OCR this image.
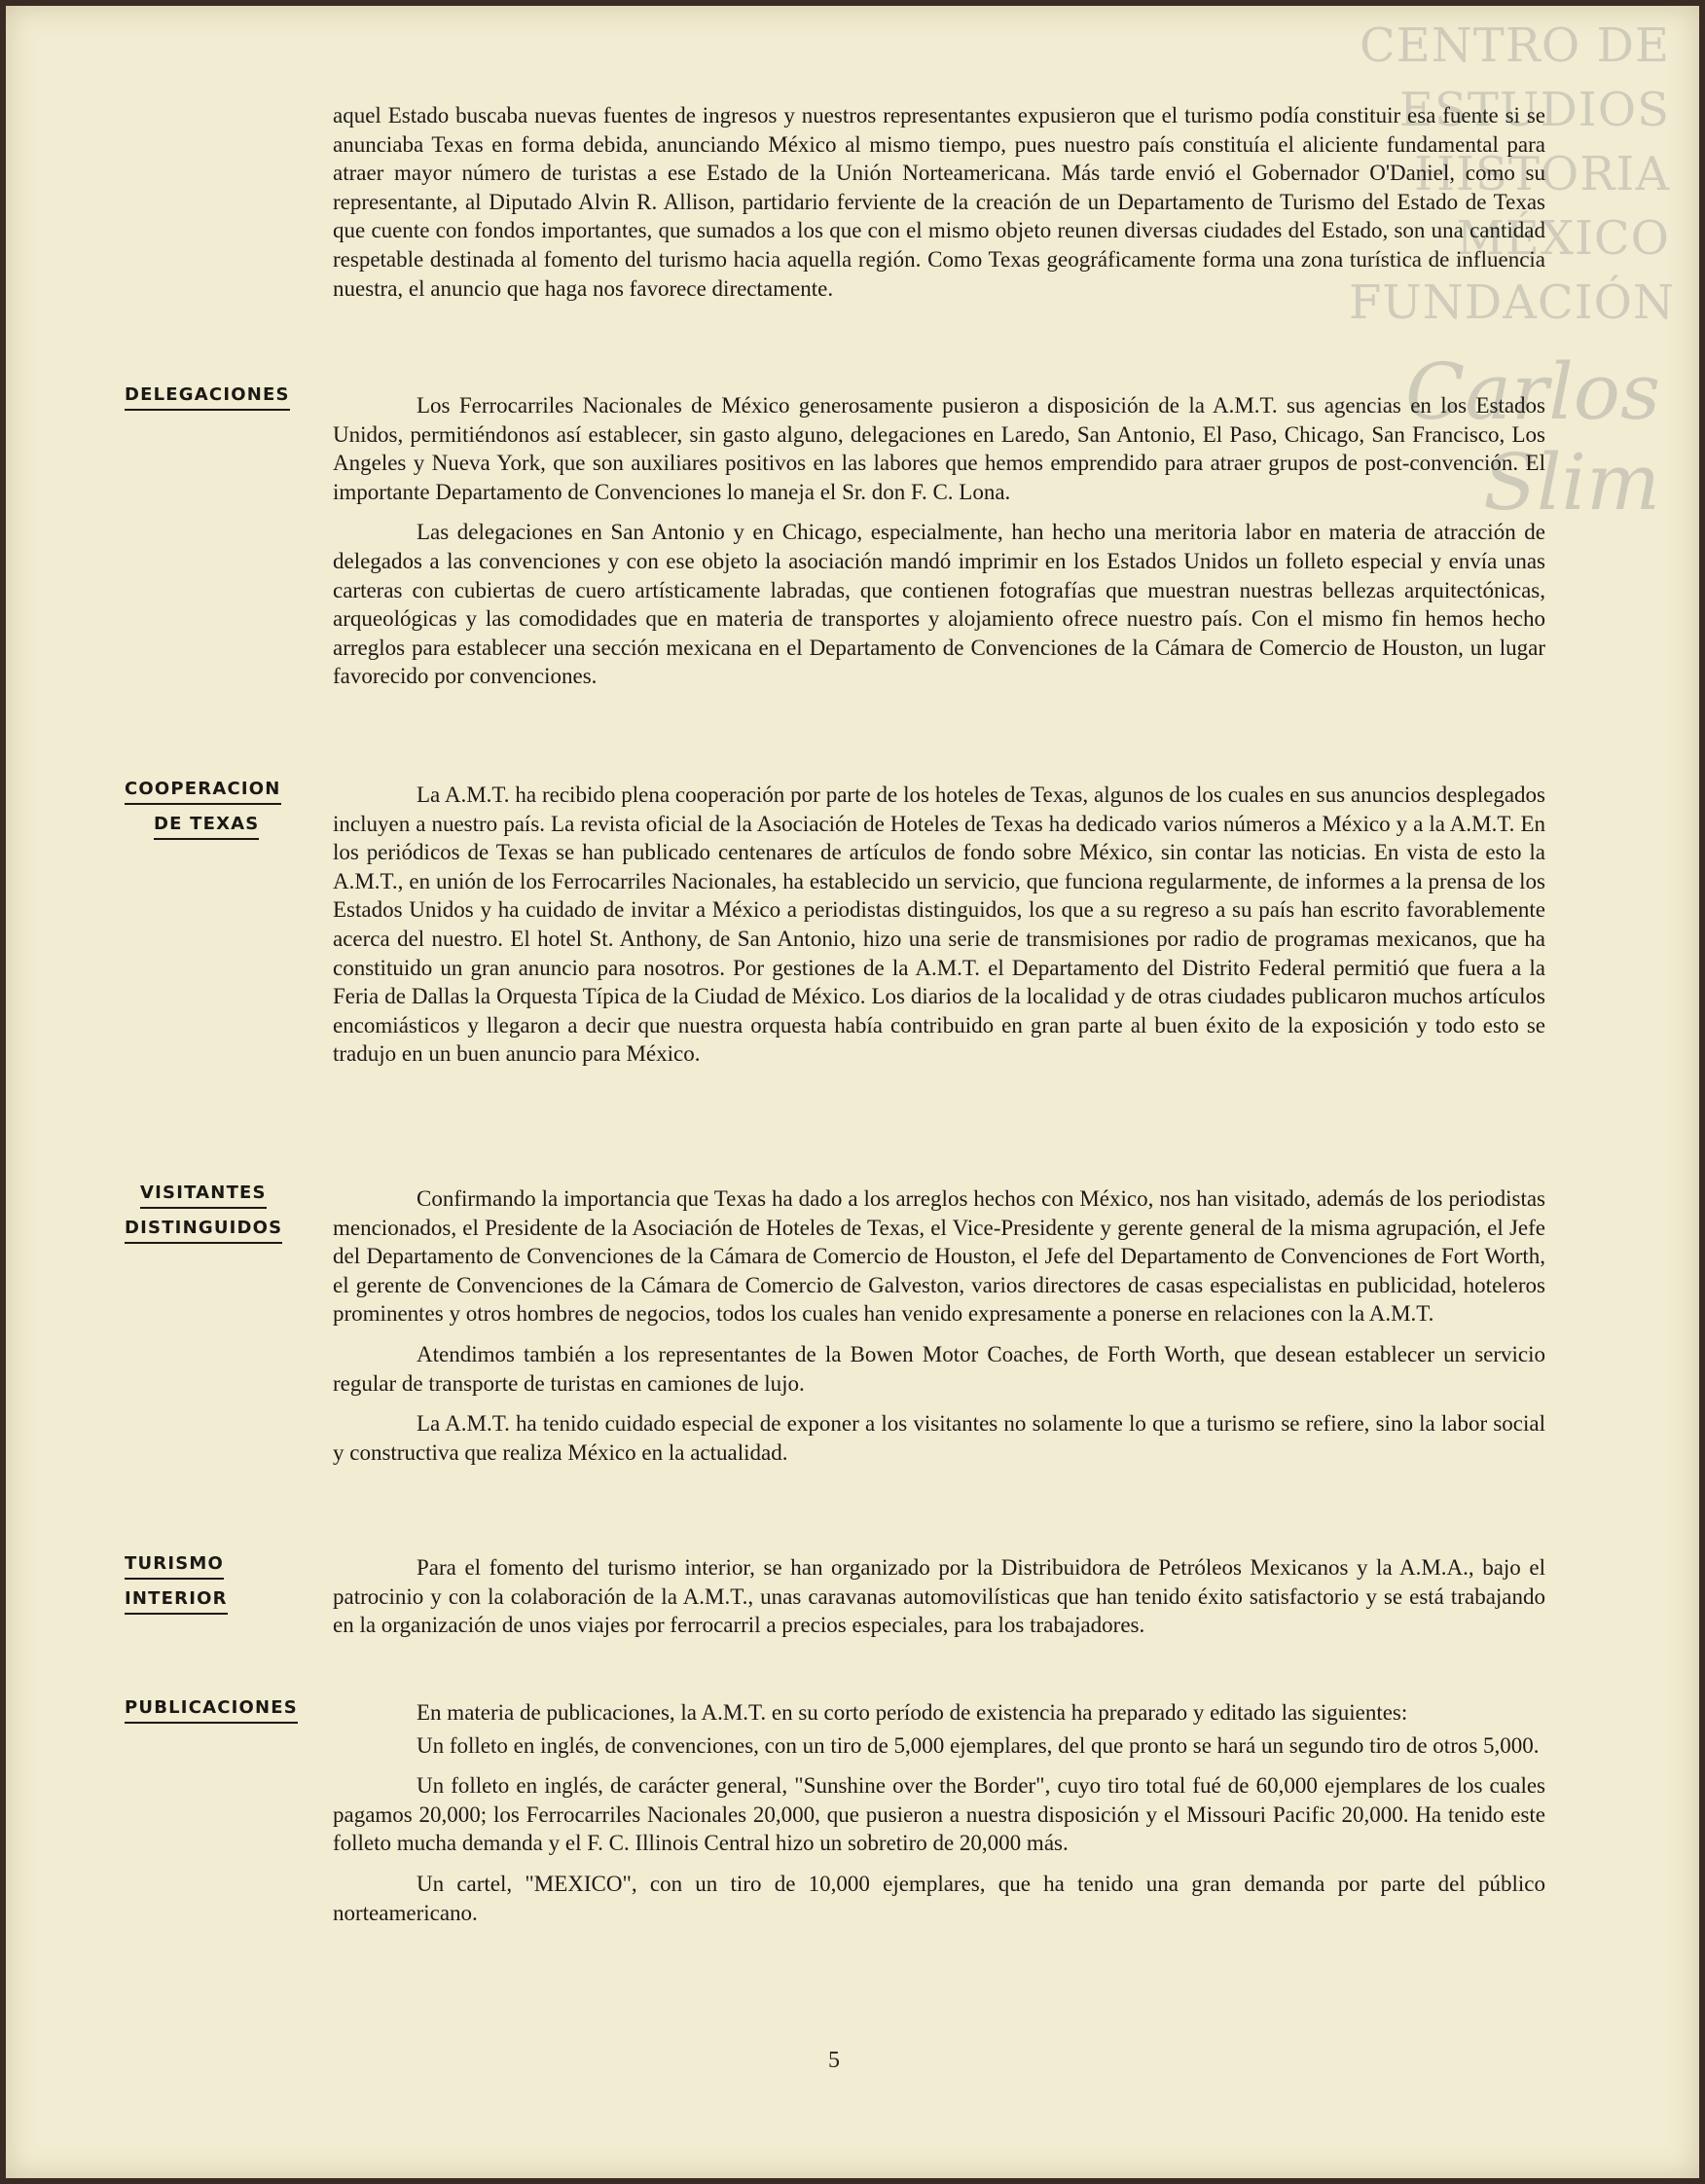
CENTRO DE
ESTUDIOS
HISTORIA
MÉXICO
FUNDACIÓN
Carlos Slim

aquel Estado buscaba nuevas fuentes de ingresos y nuestros representantes expusieron que el turismo podía constituir esa fuente si se anunciaba Texas en forma debida, anunciando México al mismo tiempo, pues nuestro país constituía el aliciente fundamental para atraer mayor número de turistas a ese Estado de la Unión Norteamericana. Más tarde envió el Gobernador O'Daniel, como su representante, al Diputado Alvin R. Allison, partidario ferviente de la creación de un Departamento de Turismo del Estado de Texas que cuente con fondos importantes, que sumados a los que con el mismo objeto reunen diversas ciudades del Estado, son una cantidad respetable destinada al fomento del turismo hacia aquella región. Como Texas geográficamente forma una zona turística de influencia nuestra, el anuncio que haga nos favorece directamente.

DELEGACIONES	Los Ferrocarriles Nacionales de México generosamente pusieron a disposición de la A.M.T. sus agencias en los Estados Unidos, permitiéndonos así establecer, sin gasto alguno, delegaciones en Laredo, San Antonio, El Paso, Chicago, San Francisco, Los Angeles y Nueva York, que son auxiliares positivos en las labores que hemos emprendido para atraer grupos de post-convención. El importante Departamento de Convenciones lo maneja el Sr. don F. C. Lona.

Las delegaciones en San Antonio y en Chicago, especialmente, han hecho una meritoria labor en materia de atracción de delegados a las convenciones y con ese objeto la asociación mandó imprimir en los Estados Unidos un folleto especial y envía unas carteras con cubiertas de cuero artísticamente labradas, que contienen fotografías que muestran nuestras bellezas arquitectónicas, arqueológicas y las comodidades que en materia de transportes y alojamiento ofrece nuestro país. Con el mismo fin hemos hecho arreglos para establecer una sección mexicana en el Departamento de Convenciones de la Cámara de Comercio de Houston, un lugar favorecido por convenciones.

COOPERACION
DE TEXAS

La A.M.T. ha recibido plena cooperación por parte de los hoteles de Texas, algunos de los cuales en sus anuncios desplegados incluyen a nuestro país. La revista oficial de la Asociación de Hoteles de Texas ha dedicado varios números a México y a la A.M.T. En los periódicos de Texas se han publicado centenares de artículos de fondo sobre México, sin contar las noticias. En vista de esto la A.M.T., en unión de los Ferrocarriles Nacionales, ha establecido un servicio, que funciona regularmente, de informes a la prensa de los Estados Unidos y ha cuidado de invitar a México a periodistas distinguidos, los que a su regreso a su país han escrito favorablemente acerca del nuestro. El hotel St. Anthony, de San Antonio, hizo una serie de transmisiones por radio de programas mexicanos, que ha constituido un gran anuncio para nosotros. Por gestiones de la A.M.T. el Departamento del Distrito Federal permitió que fuera a la Feria de Dallas la Orquesta Típica de la Ciudad de México. Los diarios de la localidad y de otras ciudades publicaron muchos artículos encomiásticos y llegaron a decir que nuestra orquesta había contribuido en gran parte al buen éxito de la exposición y todo esto se tradujo en un buen anuncio para México.

VISITANTES
DISTINGUIDOS

Confirmando la importancia que Texas ha dado a los arreglos hechos con México, nos han visitado, además de los periodistas mencionados, el Presidente de la Asociación de Hoteles de Texas, el Vice-Presidente y gerente general de la misma agrupación, el Jefe del Departamento de Convenciones de la Cámara de Comercio de Houston, el Jefe del Departamento de Convenciones de Fort Worth, el gerente de Convenciones de la Cámara de Comercio de Galveston, varios directores de casas especialistas en publicidad, hoteleros prominentes y otros hombres de negocios, todos los cuales han venido expresamente a ponerse en relaciones con la A.M.T.

Atendimos también a los representantes de la Bowen Motor Coaches, de Forth Worth, que desean establecer un servicio regular de transporte de turistas en camiones de lujo.

La A.M.T. ha tenido cuidado especial de exponer a los visitantes no solamente lo que a turismo se refiere, sino la labor social y constructiva que realiza México en la actualidad.

TURISMO
INTERIOR

Para el fomento del turismo interior, se han organizado por la Distribuidora de Petróleos Mexicanos y la A.M.A., bajo el patrocinio y con la colaboración de la A.M.T., unas caravanas automovilísticas que han tenido éxito satisfactorio y se está trabajando en la organización de unos viajes por ferrocarril a precios especiales, para los trabajadores.

PUBLICACIONES	En materia de publicaciones, la A.M.T. en su corto período de existencia ha preparado y editado las siguientes:

Un folleto en inglés, de convenciones, con un tiro de 5,000 ejemplares, del que pronto se hará un segundo tiro de otros 5,000.

Un folleto en inglés, de carácter general, "Sunshine over the Border", cuyo tiro total fué de 60,000 ejemplares de los cuales pagamos 20,000; los Ferrocarriles Nacionales 20,000, que pusieron a nuestra disposición y el Missouri Pacific 20,000. Ha tenido este folleto mucha demanda y el F. C. Illinois Central hizo un sobretiro de 20,000 más.

Un cartel, "MEXICO", con un tiro de 10,000 ejemplares, que ha tenido una gran demanda por parte del público norteamericano.

5
